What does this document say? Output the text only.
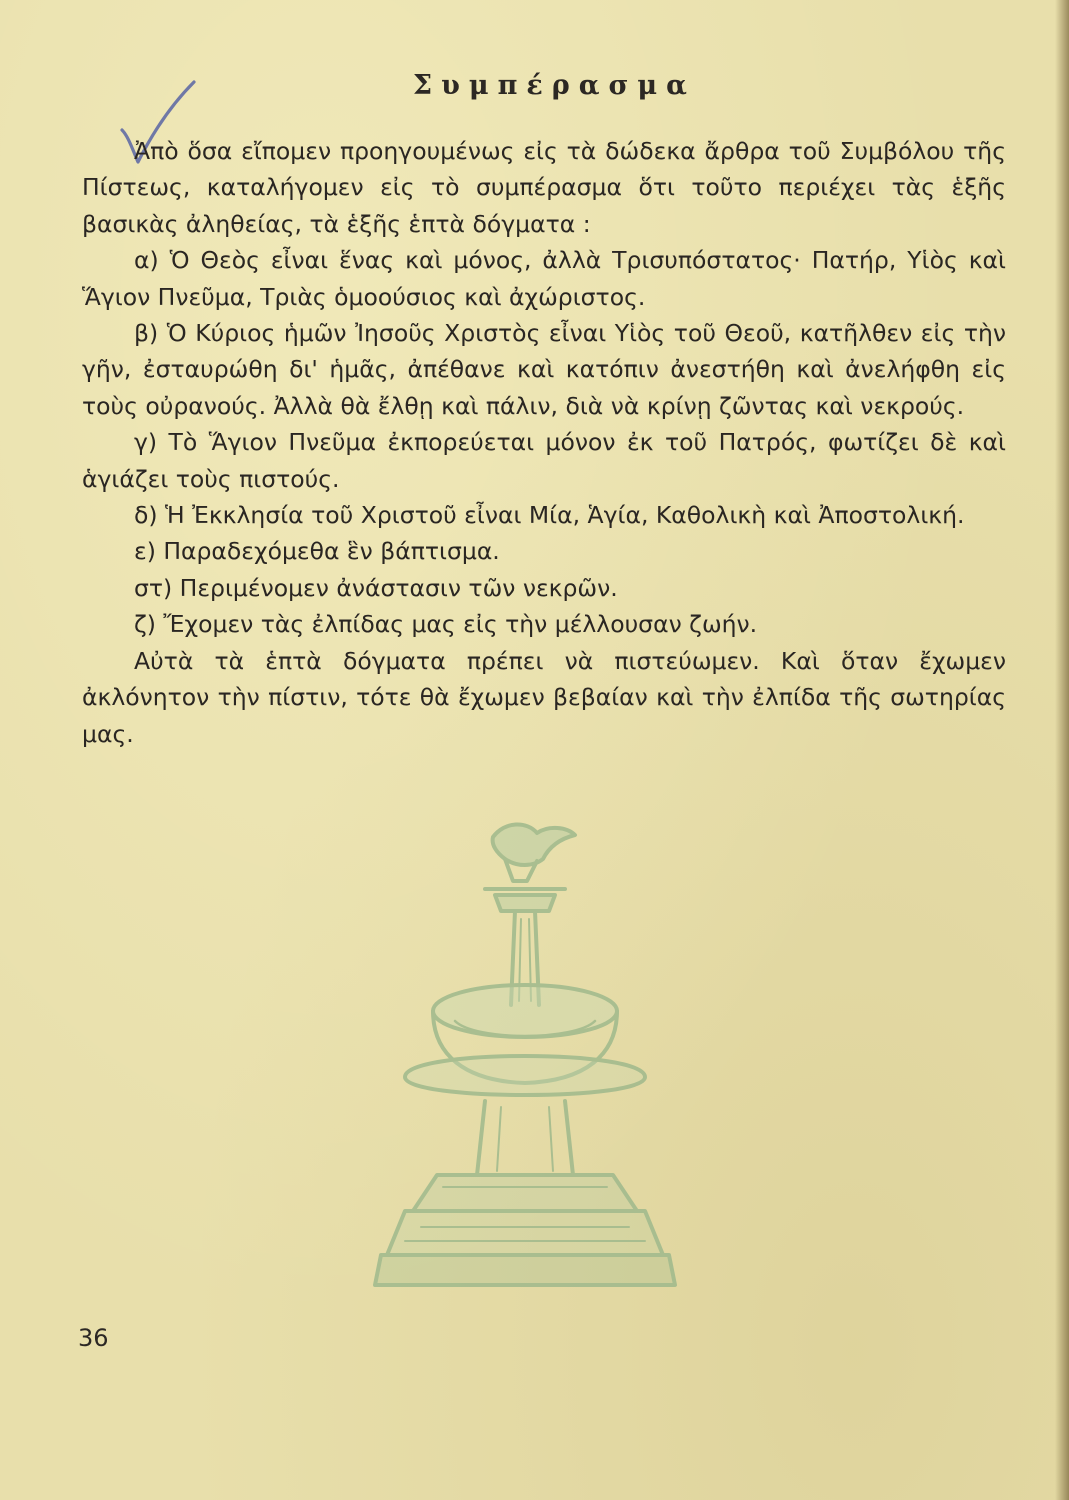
Συμπέρασμα

Ἀπὸ ὅσα εἴπομεν προηγουμένως εἰς τὰ δώδεκα ἄρθρα τοῦ Συμβόλου τῆς Πίστεως, καταλήγομεν εἰς τὸ συμπέρασμα ὅτι τοῦτο περιέχει τὰς ἑξῆς βασικὰς ἀληθείας, τὰ ἑξῆς ἑπτὰ δόγματα :

α) Ὁ Θεὸς εἶναι ἕνας καὶ μόνος, ἀλλὰ Τρισυπόστατος· Πατήρ, Υἱὸς καὶ Ἅγιον Πνεῦμα, Τριὰς ὁμοούσιος καὶ ἀχώριστος.

β) Ὁ Κύριος ἡμῶν Ἰησοῦς Χριστὸς εἶναι Υἱὸς τοῦ Θεοῦ, κατῆλθεν εἰς τὴν γῆν, ἐσταυρώθη δι' ἡμᾶς, ἀπέθανε καὶ κατόπιν ἀνεστήθη καὶ ἀνελήφθη εἰς τοὺς οὐρανούς. Ἀλλὰ θὰ ἔλθῃ καὶ πάλιν, διὰ νὰ κρίνῃ ζῶντας καὶ νεκρούς.

γ) Τὸ Ἅγιον Πνεῦμα ἐκπορεύεται μόνον ἐκ τοῦ Πατρός, φωτίζει δὲ καὶ ἁγιάζει τοὺς πιστούς.

δ) Ἡ Ἐκκλησία τοῦ Χριστοῦ εἶναι Μία, Ἁγία, Καθολικὴ καὶ Ἀποστολική.

ε) Παραδεχόμεθα ἓν βάπτισμα.

στ) Περιμένομεν ἀνάστασιν τῶν νεκρῶν.

ζ) Ἔχομεν τὰς ἐλπίδας μας εἰς τὴν μέλλουσαν ζωήν.

Αὐτὰ τὰ ἑπτὰ δόγματα πρέπει νὰ πιστεύωμεν. Καὶ ὅταν ἔχωμεν ἀκλόνητον τὴν πίστιν, τότε θὰ ἔχωμεν βεβαίαν καὶ τὴν ἐλπίδα τῆς σωτηρίας μας.

36
